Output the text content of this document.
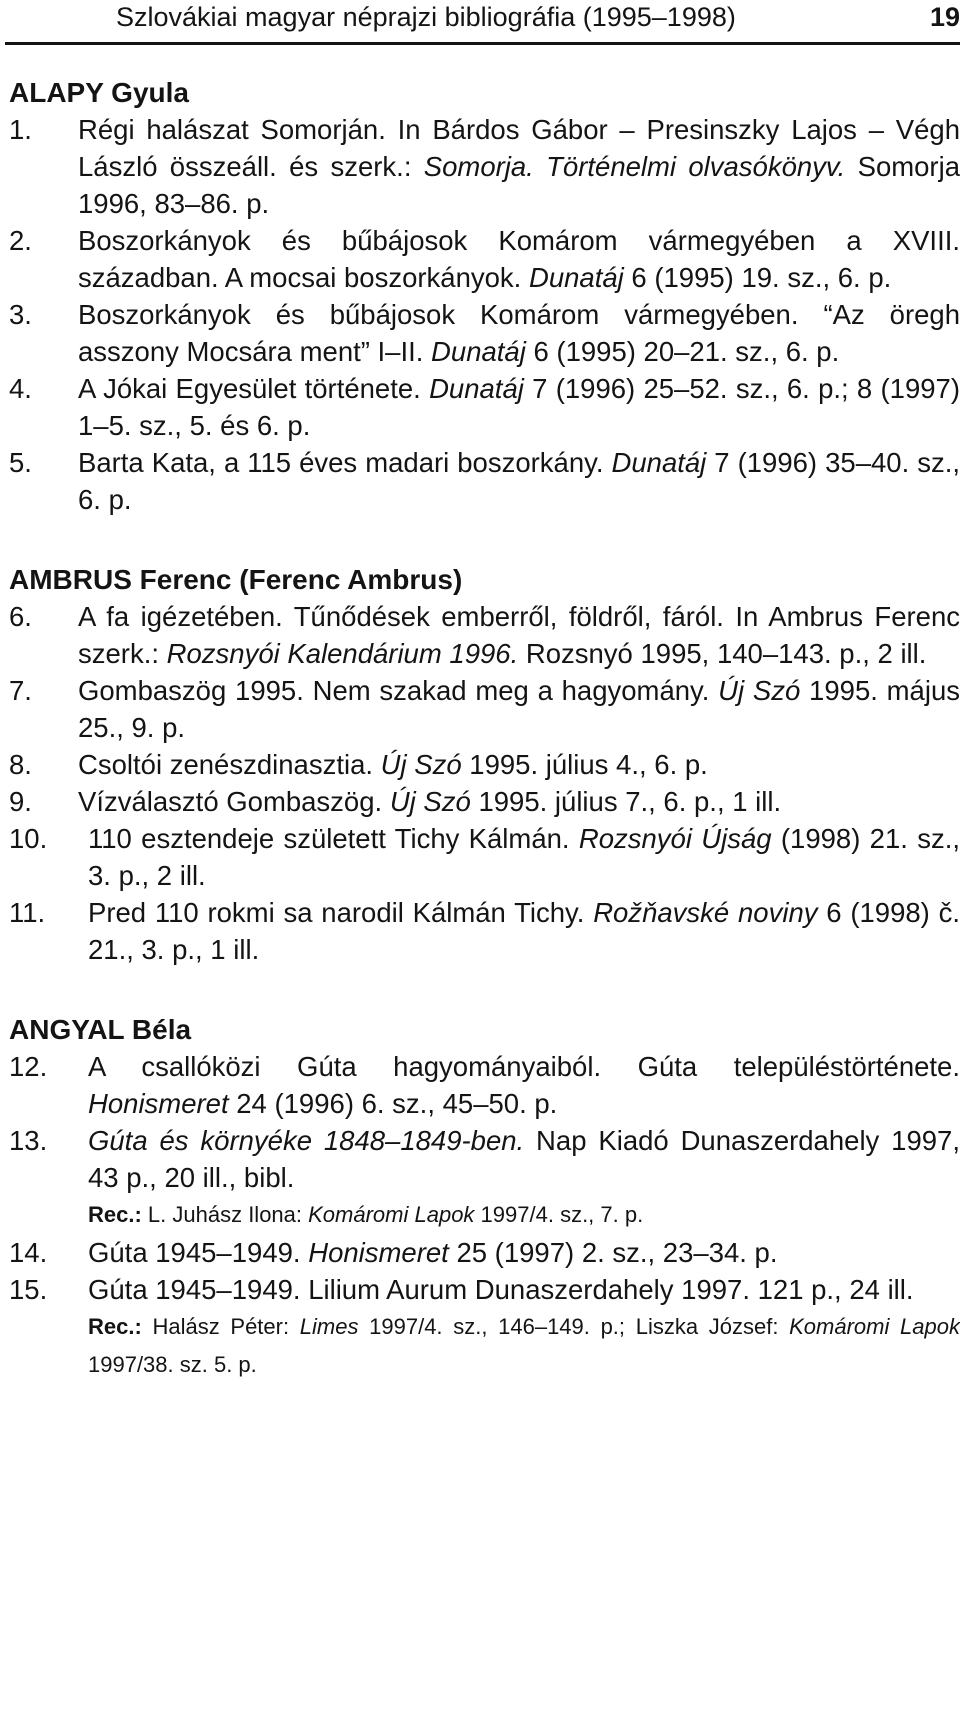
Szlovákiai magyar néprajzi bibliográfia (1995–1998)	19
ALAPY Gyula
1. Régi halászat Somorján. In Bárdos Gábor – Presinszky Lajos – Végh László összeáll. és szerk.: Somorja. Történelmi olvasókönyv. Somorja 1996, 83–86. p.
2. Boszorkányok és bűbájosok Komárom vármegyében a XVIII. században. A mocsai boszorkányok. Dunatáj 6 (1995) 19. sz., 6. p.
3. Boszorkányok és bűbájosok Komárom vármegyében. “Az öregh asszony Mocsára ment” I–II. Dunatáj 6 (1995) 20–21. sz., 6. p.
4. A Jókai Egyesület története. Dunatáj 7 (1996) 25–52. sz., 6. p.; 8 (1997) 1–5. sz., 5. és 6. p.
5. Barta Kata, a 115 éves madari boszorkány. Dunatáj 7 (1996) 35–40. sz., 6. p.
AMBRUS Ferenc (Ferenc Ambrus)
6. A fa igézetében. Tűnődések emberről, földről, fáról. In Ambrus Ferenc szerk.: Rozsnyói Kalendárium 1996. Rozsnyó 1995, 140–143. p., 2 ill.
7. Gombaszög 1995. Nem szakad meg a hagyomány. Új Szó 1995. május 25., 9. p.
8. Csoltói zenészdinasztia. Új Szó 1995. július 4., 6. p.
9. Vízválasztó Gombaszög. Új Szó 1995. július 7., 6. p., 1 ill.
10. 110 esztendeje született Tichy Kálmán. Rozsnyói Újság (1998) 21. sz., 3. p., 2 ill.
11. Pred 110 rokmi sa narodil Kálmán Tichy. Rožňavské noviny 6 (1998) č. 21., 3. p., 1 ill.
ANGYAL Béla
12. A csallóközi Gúta hagyományaiból. Gúta településtörténete. Honismeret 24 (1996) 6. sz., 45–50. p.
13. Gúta és környéke 1848–1849-ben. Nap Kiadó Dunaszerdahely 1997, 43 p., 20 ill., bibl.
Rec.: L. Juhász Ilona: Komáromi Lapok 1997/4. sz., 7. p.
14. Gúta 1945–1949. Honismeret 25 (1997) 2. sz., 23–34. p.
15. Gúta 1945–1949. Lilium Aurum Dunaszerdahely 1997. 121 p., 24 ill.
Rec.: Halász Péter: Limes 1997/4. sz., 146–149. p.; Liszka József: Komáromi Lapok 1997/38. sz. 5. p.
